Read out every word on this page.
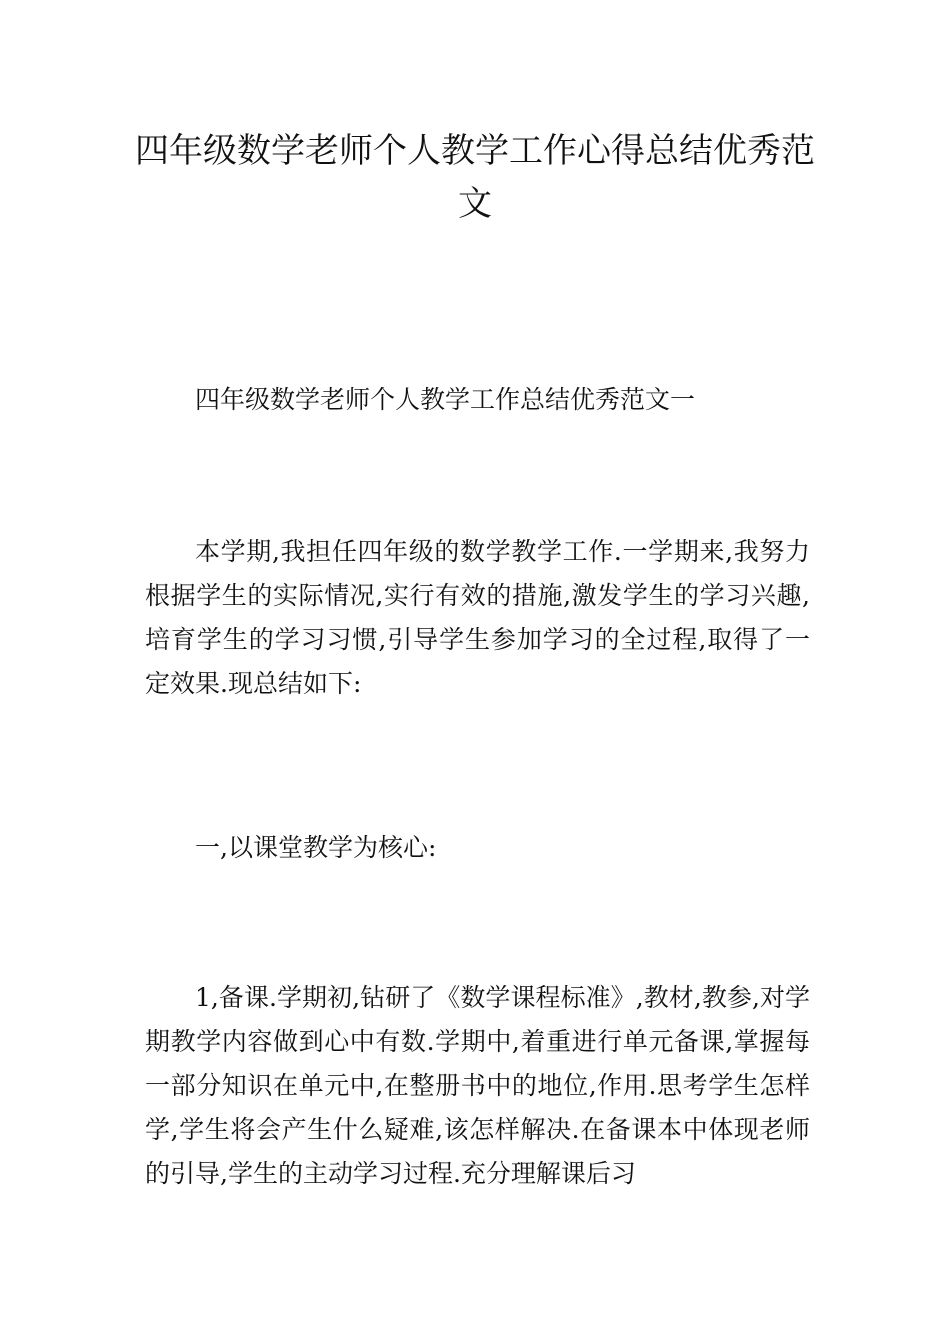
四年级数学老师个人教学工作心得总结优秀范文

四年级数学老师个人教学工作总结优秀范文一

本学期,我担任四年级的数学教学工作.一学期来,我努力根据学生的实际情况,实行有效的措施,激发学生的学习兴趣,培育学生的学习习惯,引导学生参加学习的全过程,取得了一定效果.现总结如下:

一,以课堂教学为核心:

1,备课.学期初,钻研了《数学课程标准》,教材,教参,对学期教学内容做到心中有数.学期中,着重进行单元备课,掌握每一部分知识在单元中,在整册书中的地位,作用.思考学生怎样学,学生将会产生什么疑难,该怎样解决.在备课本中体现老师的引导,学生的主动学习过程.充分理解课后习
